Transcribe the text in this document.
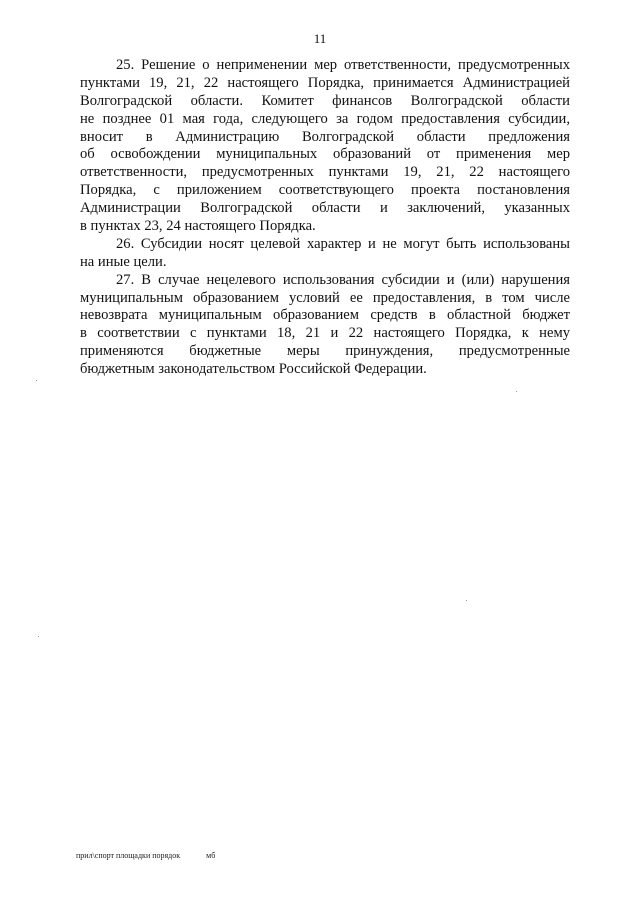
11
25. Решение о неприменении мер ответственности, предусмотренных
пунктами 19, 21, 22 настоящего Порядка, принимается Администрацией
Волгоградской области. Комитет финансов Волгоградской области
не позднее 01 мая года, следующего за годом предоставления субсидии,
вносит в Администрацию Волгоградской области предложения
об освобождении муниципальных образований от применения мер
ответственности, предусмотренных пунктами 19, 21, 22 настоящего
Порядка, с приложением соответствующего проекта постановления
Администрации Волгоградской области и заключений, указанных
в пунктах 23, 24 настоящего Порядка.
26. Субсидии носят целевой характер и не могут быть использованы
на иные цели.
27. В случае нецелевого использования субсидии и (или) нарушения
муниципальным образованием условий ее предоставления, в том числе
невозврата муниципальным образованием средств в областной бюджет
в соответствии с пунктами 18, 21 и 22 настоящего Порядка, к нему
применяются бюджетные меры принуждения, предусмотренные
бюджетным законодательством Российской Федерации.
прил\спорт площадки порядок	мб
